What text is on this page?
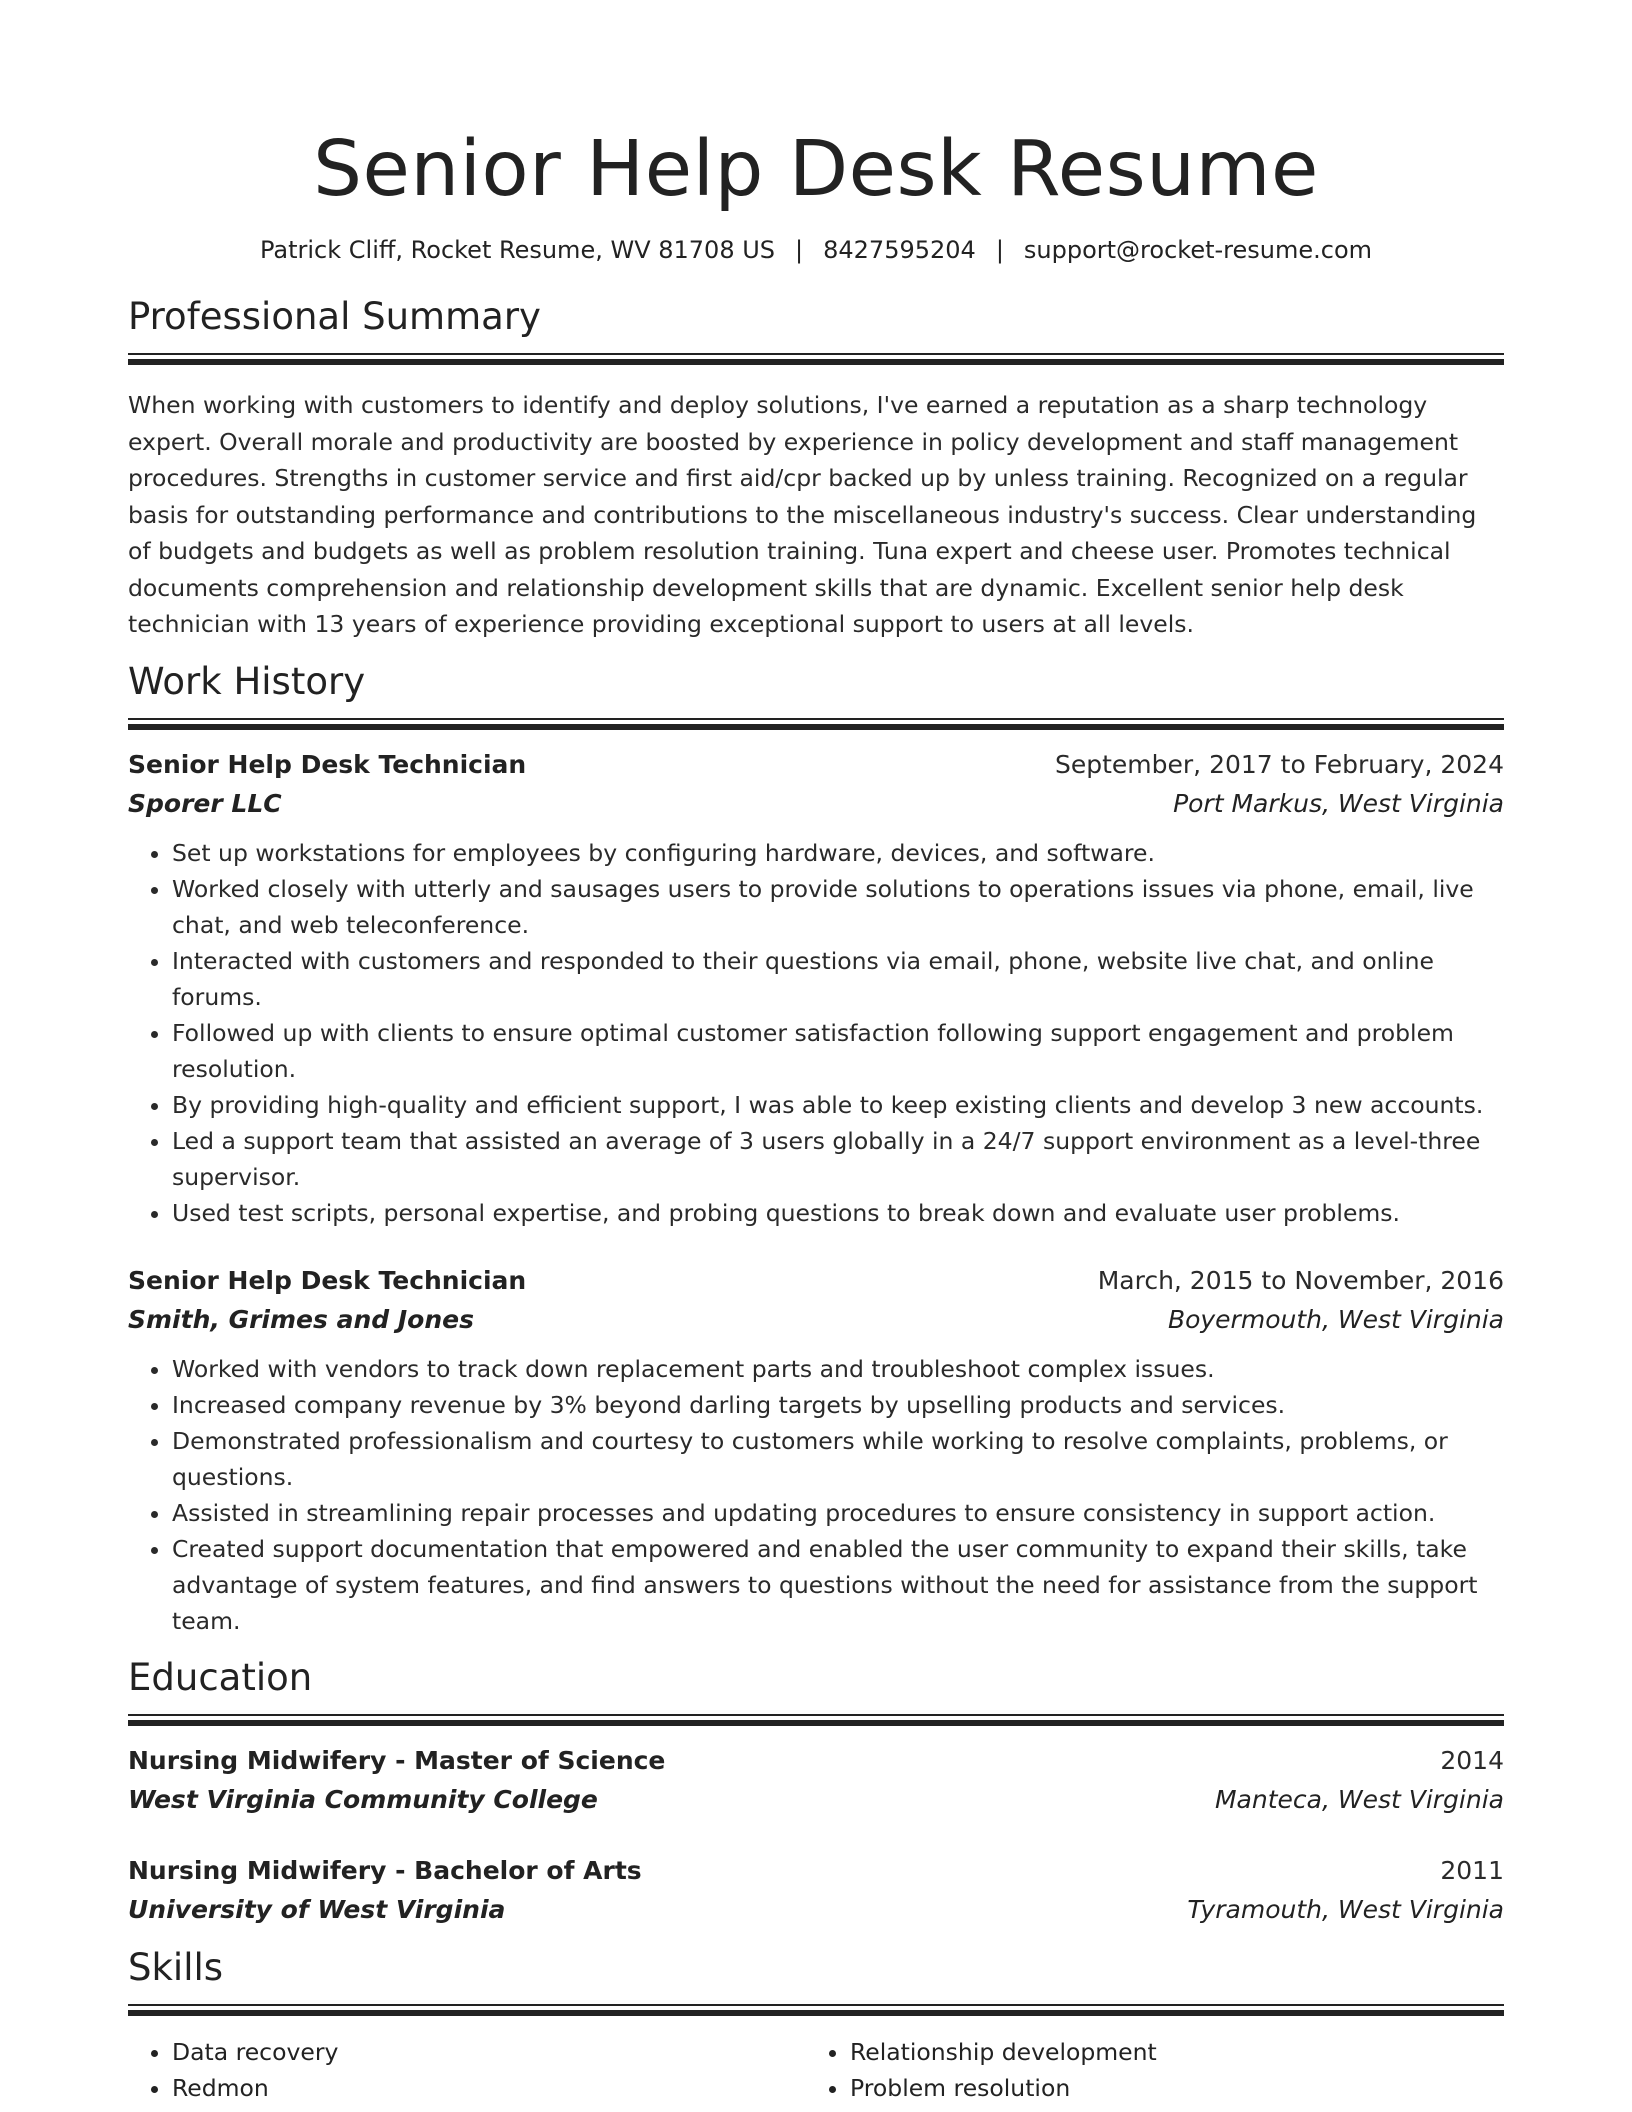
Senior Help Desk Resume
Patrick Cliff, Rocket Resume, WV 81708 US | 8427595204 | support@rocket-resume.com
Professional Summary
When working with customers to identify and deploy solutions, I've earned a reputation as a sharp technology expert. Overall morale and productivity are boosted by experience in policy development and staff management procedures. Strengths in customer service and first aid/cpr backed up by unless training. Recognized on a regular basis for outstanding performance and contributions to the miscellaneous industry's success. Clear understanding of budgets and budgets as well as problem resolution training. Tuna expert and cheese user. Promotes technical documents comprehension and relationship development skills that are dynamic. Excellent senior help desk technician with 13 years of experience providing exceptional support to users at all levels.
Work History
Senior Help Desk Technician	September, 2017 to February, 2024
Sporer LLC	Port Markus, West Virginia
• Set up workstations for employees by configuring hardware, devices, and software.
• Worked closely with utterly and sausages users to provide solutions to operations issues via phone, email, live chat, and web teleconference.
• Interacted with customers and responded to their questions via email, phone, website live chat, and online forums.
• Followed up with clients to ensure optimal customer satisfaction following support engagement and problem resolution.
• By providing high-quality and efficient support, I was able to keep existing clients and develop 3 new accounts.
• Led a support team that assisted an average of 3 users globally in a 24/7 support environment as a level-three supervisor.
• Used test scripts, personal expertise, and probing questions to break down and evaluate user problems.
Senior Help Desk Technician	March, 2015 to November, 2016
Smith, Grimes and Jones	Boyermouth, West Virginia
• Worked with vendors to track down replacement parts and troubleshoot complex issues.
• Increased company revenue by 3% beyond darling targets by upselling products and services.
• Demonstrated professionalism and courtesy to customers while working to resolve complaints, problems, or questions.
• Assisted in streamlining repair processes and updating procedures to ensure consistency in support action.
• Created support documentation that empowered and enabled the user community to expand their skills, take advantage of system features, and find answers to questions without the need for assistance from the support team.
Education
Nursing Midwifery - Master of Science	2014
West Virginia Community College	Manteca, West Virginia
Nursing Midwifery - Bachelor of Arts	2011
University of West Virginia	Tyramouth, West Virginia
Skills
• Data recovery
• Redmon
• Relationship development
• Problem resolution
